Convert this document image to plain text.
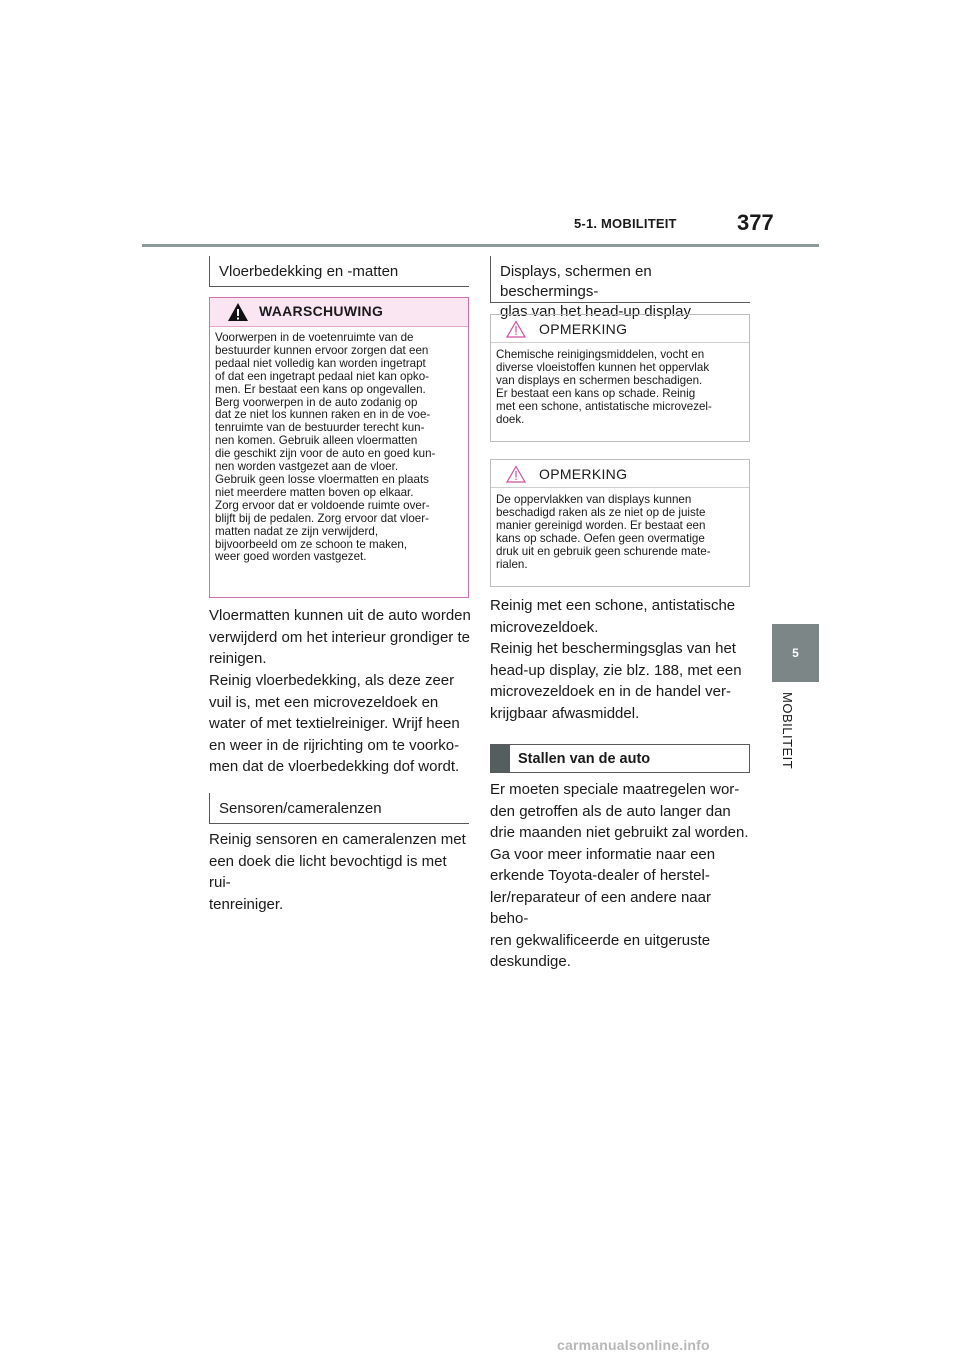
5-1. MOBILITEIT	377
5
MOBILITEIT
Vloerbedekking en -matten
WAARSCHUWING
Voorwerpen in de voetenruimte van de
bestuurder kunnen ervoor zorgen dat een
pedaal niet volledig kan worden ingetrapt
of dat een ingetrapt pedaal niet kan opko-
men. Er bestaat een kans op ongevallen.
Berg voorwerpen in de auto zodanig op
dat ze niet los kunnen raken en in de voe-
tenruimte van de bestuurder terecht kun-
nen komen. Gebruik alleen vloermatten
die geschikt zijn voor de auto en goed kun-
nen worden vastgezet aan de vloer.
Gebruik geen losse vloermatten en plaats
niet meerdere matten boven op elkaar.
Zorg ervoor dat er voldoende ruimte over-
blijft bij de pedalen. Zorg ervoor dat vloer-
matten nadat ze zijn verwijderd,
bijvoorbeeld om ze schoon te maken,
weer goed worden vastgezet.
Vloermatten kunnen uit de auto worden
verwijderd om het interieur grondiger te
reinigen.
Reinig vloerbedekking, als deze zeer
vuil is, met een microvezeldoek en
water of met textielreiniger. Wrijf heen
en weer in de rijrichting om te voorko-
men dat de vloerbedekking dof wordt.
Sensoren/cameralenzen
Reinig sensoren en cameralenzen met
een doek die licht bevochtigd is met rui-
tenreiniger.
Displays, schermen en beschermings-
glas van het head-up display
OPMERKING
Chemische reinigingsmiddelen, vocht en
diverse vloeistoffen kunnen het oppervlak
van displays en schermen beschadigen.
Er bestaat een kans op schade. Reinig
met een schone, antistatische microvezel-
doek.
OPMERKING
De oppervlakken van displays kunnen
beschadigd raken als ze niet op de juiste
manier gereinigd worden. Er bestaat een
kans op schade. Oefen geen overmatige
druk uit en gebruik geen schurende mate-
rialen.
Reinig met een schone, antistatische
microvezeldoek.
Reinig het beschermingsglas van het
head-up display, zie blz. 188, met een
microvezeldoek en in de handel ver-
krijgbaar afwasmiddel.
Stallen van de auto
Er moeten speciale maatregelen wor-
den getroffen als de auto langer dan
drie maanden niet gebruikt zal worden.
Ga voor meer informatie naar een
erkende Toyota-dealer of herstel-
ler/reparateur of een andere naar beho-
ren gekwalificeerde en uitgeruste
deskundige.
carmanualsonline.info
